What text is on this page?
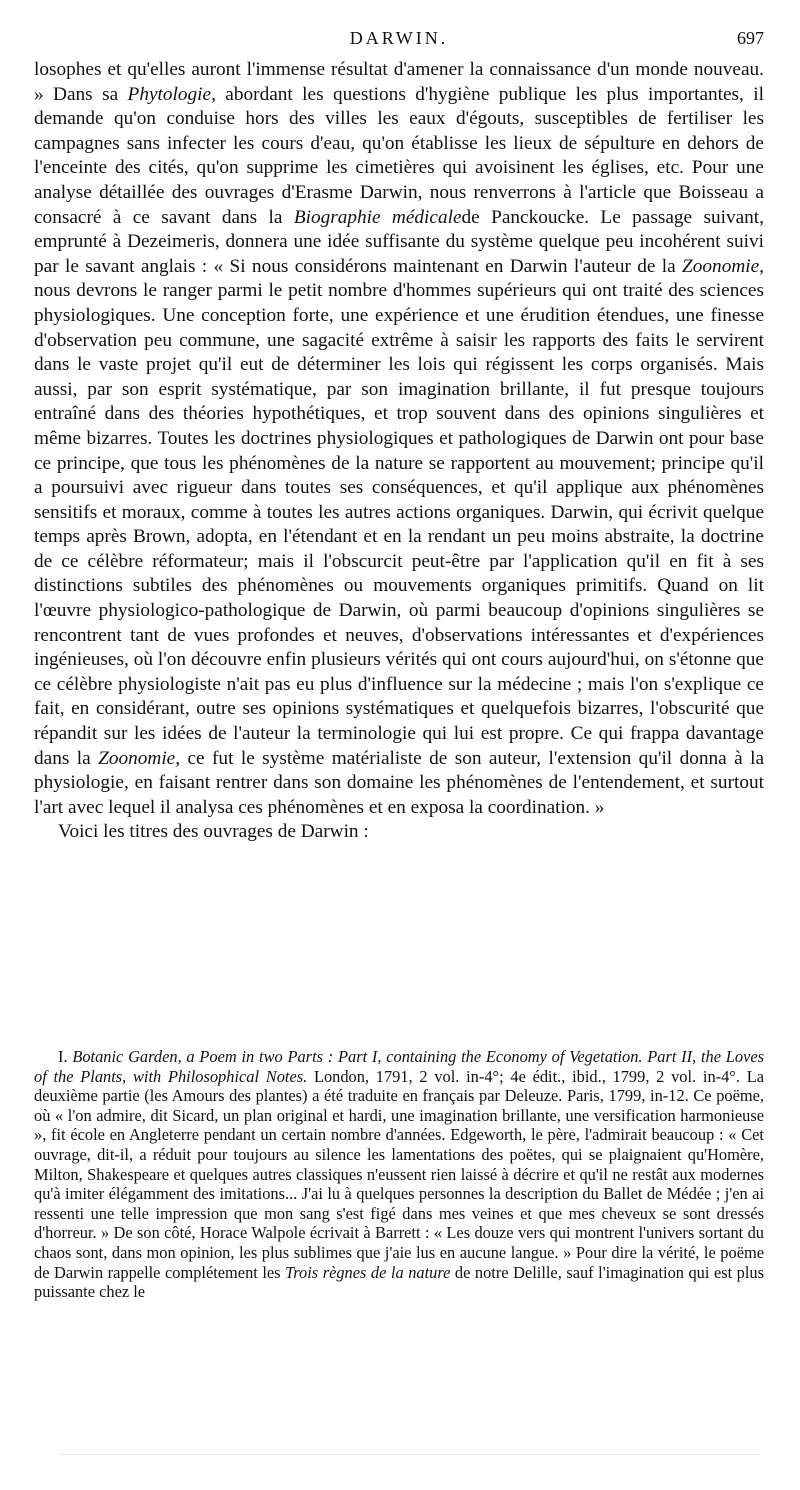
DARWIN.	697

losophes et qu'elles auront l'immense résultat d'amener la connaissance d'un monde nouveau. » Dans sa Phytologie, abordant les questions d'hygiène publique les plus importantes, il demande qu'on conduise hors des villes les eaux d'égouts, susceptibles de fertiliser les campagnes sans infecter les cours d'eau, qu'on établisse les lieux de sépulture en dehors de l'enceinte des cités, qu'on supprime les cimetières qui avoisinent les églises, etc. Pour une analyse détaillée des ouvrages d'Erasme Darwin, nous renverrons à l'article que Boisseau a consacré à ce savant dans la Biographie médicalede Panckoucke. Le passage suivant, emprunté à Dezeimeris, donnera une idée suffisante du système quelque peu incohérent suivi par le savant anglais : « Si nous considérons maintenant en Darwin l'auteur de la Zoonomie, nous devrons le ranger parmi le petit nombre d'hommes supérieurs qui ont traité des sciences physiologiques. Une conception forte, une expérience et une érudition étendues, une finesse d'observation peu commune, une sagacité extrême à saisir les rapports des faits le servirent dans le vaste projet qu'il eut de déterminer les lois qui régissent les corps organisés. Mais aussi, par son esprit systématique, par son imagination brillante, il fut presque toujours entraîné dans des théories hypothétiques, et trop souvent dans des opinions singulières et même bizarres. Toutes les doctrines physiologiques et pathologiques de Darwin ont pour base ce principe, que tous les phénomènes de la nature se rapportent au mouvement; principe qu'il a poursuivi avec rigueur dans toutes ses conséquences, et qu'il applique aux phénomènes sensitifs et moraux, comme à toutes les autres actions organiques. Darwin, qui écrivit quelque temps après Brown, adopta, en l'étendant et en la rendant un peu moins abstraite, la doctrine de ce célèbre réformateur; mais il l'obscurcit peut-être par l'application qu'il en fit à ses distinctions subtiles des phénomènes ou mouvements organiques primitifs. Quand on lit l'œuvre physiologico-pathologique de Darwin, où parmi beaucoup d'opinions singulières se rencontrent tant de vues profondes et neuves, d'observations intéressantes et d'expériences ingénieuses, où l'on découvre enfin plusieurs vérités qui ont cours aujourd'hui, on s'étonne que ce célèbre physiologiste n'ait pas eu plus d'influence sur la médecine ; mais l'on s'explique ce fait, en considérant, outre ses opinions systématiques et quelquefois bizarres, l'obscurité que répandit sur les idées de l'auteur la terminologie qui lui est propre. Ce qui frappa davantage dans la Zoonomie, ce fut le système matérialiste de son auteur, l'extension qu'il donna à la physiologie, en faisant rentrer dans son domaine les phénomènes de l'entendement, et surtout l'art avec lequel il analysa ces phénomènes et en exposa la coordination. »

Voici les titres des ouvrages de Darwin :

I. Botanic Garden, a Poem in two Parts : Part I, containing the Economy of Vegetation. Part II, the Loves of the Plants, with Philosophical Notes. London, 1791, 2 vol. in-4°; 4e édit., ibid., 1799, 2 vol. in-4°. La deuxième partie (les Amours des plantes) a été traduite en français par Deleuze. Paris, 1799, in-12. Ce poëme, où « l'on admire, dit Sicard, un plan original et hardi, une imagination brillante, une versification harmonieuse », fit école en Angleterre pendant un certain nombre d'années. Edgeworth, le père, l'admirait beaucoup : « Cet ouvrage, dit-il, a réduit pour toujours au silence les lamentations des poëtes, qui se plaignaient qu'Homère, Milton, Shakespeare et quelques autres classiques n'eussent rien laissé à décrire et qu'il ne restât aux modernes qu'à imiter élégamment des imitations... J'ai lu à quelques personnes la description du Ballet de Médée ; j'en ai ressenti une telle impression que mon sang s'est figé dans mes veines et que mes cheveux se sont dressés d'horreur. » De son côté, Horace Walpole écrivait à Barrett : « Les douze vers qui montrent l'univers sortant du chaos sont, dans mon opinion, les plus sublimes que j'aie lus en aucune langue. » Pour dire la vérité, le poëme de Darwin rappelle complétement les Trois règnes de la nature de notre Delille, sauf l'imagination qui est plus puissante chez le
